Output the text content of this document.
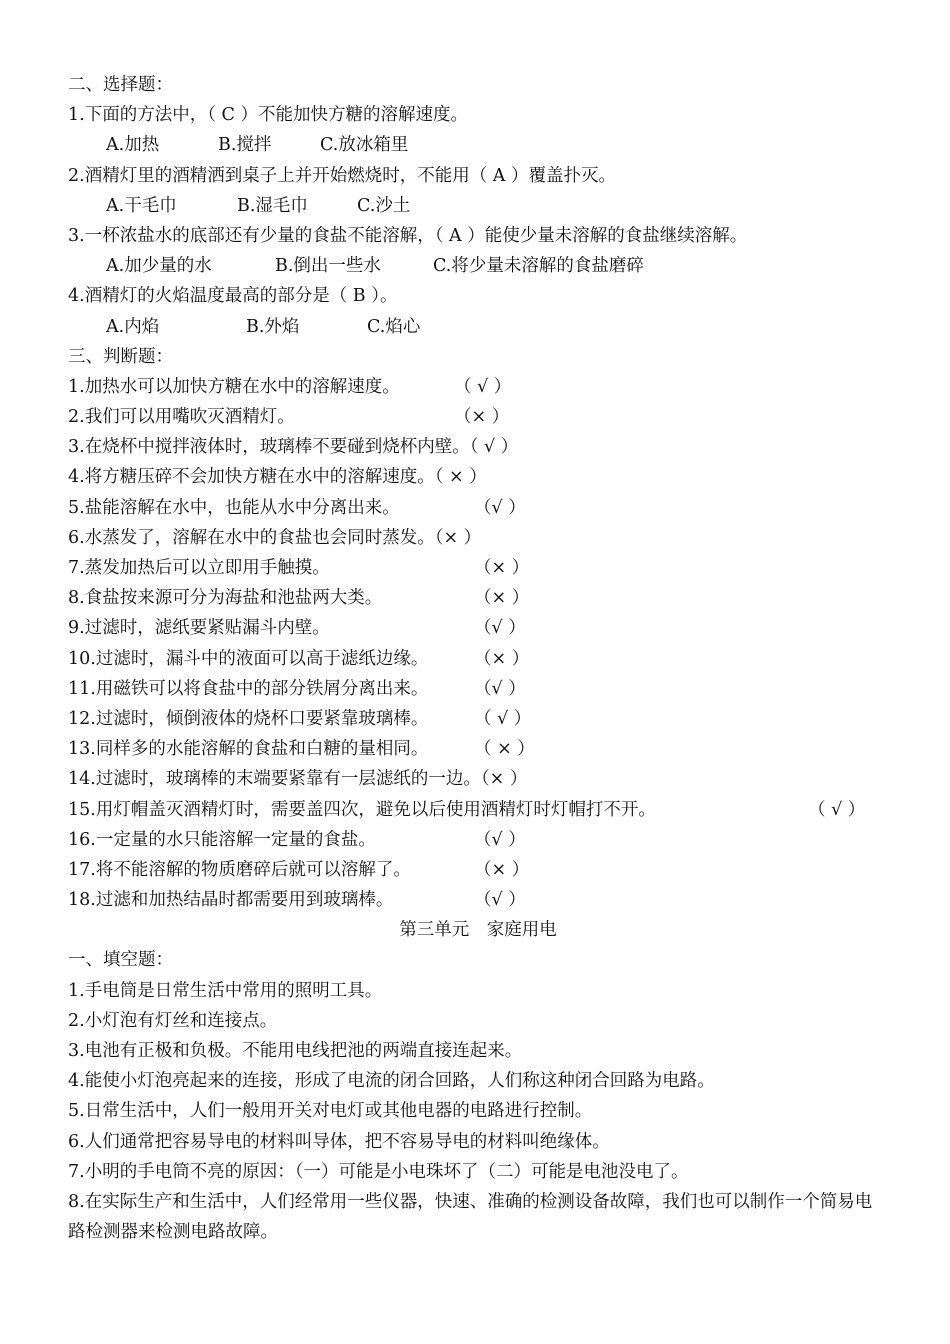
二、选择题：
1.下面的方法中，（ C ）不能加快方糖的溶解速度。
A.加热	B.搅拌	C.放冰箱里
2.酒精灯里的酒精洒到桌子上并开始燃烧时，不能用（ A ）覆盖扑灭。
A.干毛巾	B.湿毛巾	C.沙土
3.一杯浓盐水的底部还有少量的食盐不能溶解，（ A ）能使少量未溶解的食盐继续溶解。
A.加少量的水	B.倒出一些水	C.将少量未溶解的食盐磨碎
4.酒精灯的火焰温度最高的部分是（ B ）。
A.内焰	B.外焰	C.焰心
三、判断题：
1.加热水可以加快方糖在水中的溶解速度。	（ √ ）
2.我们可以用嘴吹灭酒精灯。	（× ）
3.在烧杯中搅拌液体时，玻璃棒不要碰到烧杯内壁。（ √ ）
4.将方糖压碎不会加快方糖在水中的溶解速度。（ × ）
5.盐能溶解在水中，也能从水中分离出来。	（√ ）
6.水蒸发了，溶解在水中的食盐也会同时蒸发。（× ）
7.蒸发加热后可以立即用手触摸。	（× ）
8.食盐按来源可分为海盐和池盐两大类。	（× ）
9.过滤时，滤纸要紧贴漏斗内壁。	（√ ）
10.过滤时，漏斗中的液面可以高于滤纸边缘。	（× ）
11.用磁铁可以将食盐中的部分铁屑分离出来。	（√ ）
12.过滤时，倾倒液体的烧杯口要紧靠玻璃棒。	（ √ ）
13.同样多的水能溶解的食盐和白糖的量相同。	（ × ）
14.过滤时，玻璃棒的末端要紧靠有一层滤纸的一边。（× ）
15.用灯帽盖灭酒精灯时，需要盖四次，避免以后使用酒精灯时灯帽打不开。	（ √ ）
16.一定量的水只能溶解一定量的食盐。	（√ ）
17.将不能溶解的物质磨碎后就可以溶解了。	（× ）
18.过滤和加热结晶时都需要用到玻璃棒。	（√ ）
第三单元　家庭用电
一、填空题：
1.手电筒是日常生活中常用的照明工具。
2.小灯泡有灯丝和连接点。
3.电池有正极和负极。不能用电线把池的两端直接连起来。
4.能使小灯泡亮起来的连接，形成了电流的闭合回路，人们称这种闭合回路为电路。
5.日常生活中，人们一般用开关对电灯或其他电器的电路进行控制。
6.人们通常把容易导电的材料叫导体，把不容易导电的材料叫绝缘体。
7.小明的手电筒不亮的原因：（一）可能是小电珠坏了（二）可能是电池没电了。
8.在实际生产和生活中，人们经常用一些仪器，快速、准确的检测设备故障，我们也可以制作一个简易电路检测器来检测电路故障。
